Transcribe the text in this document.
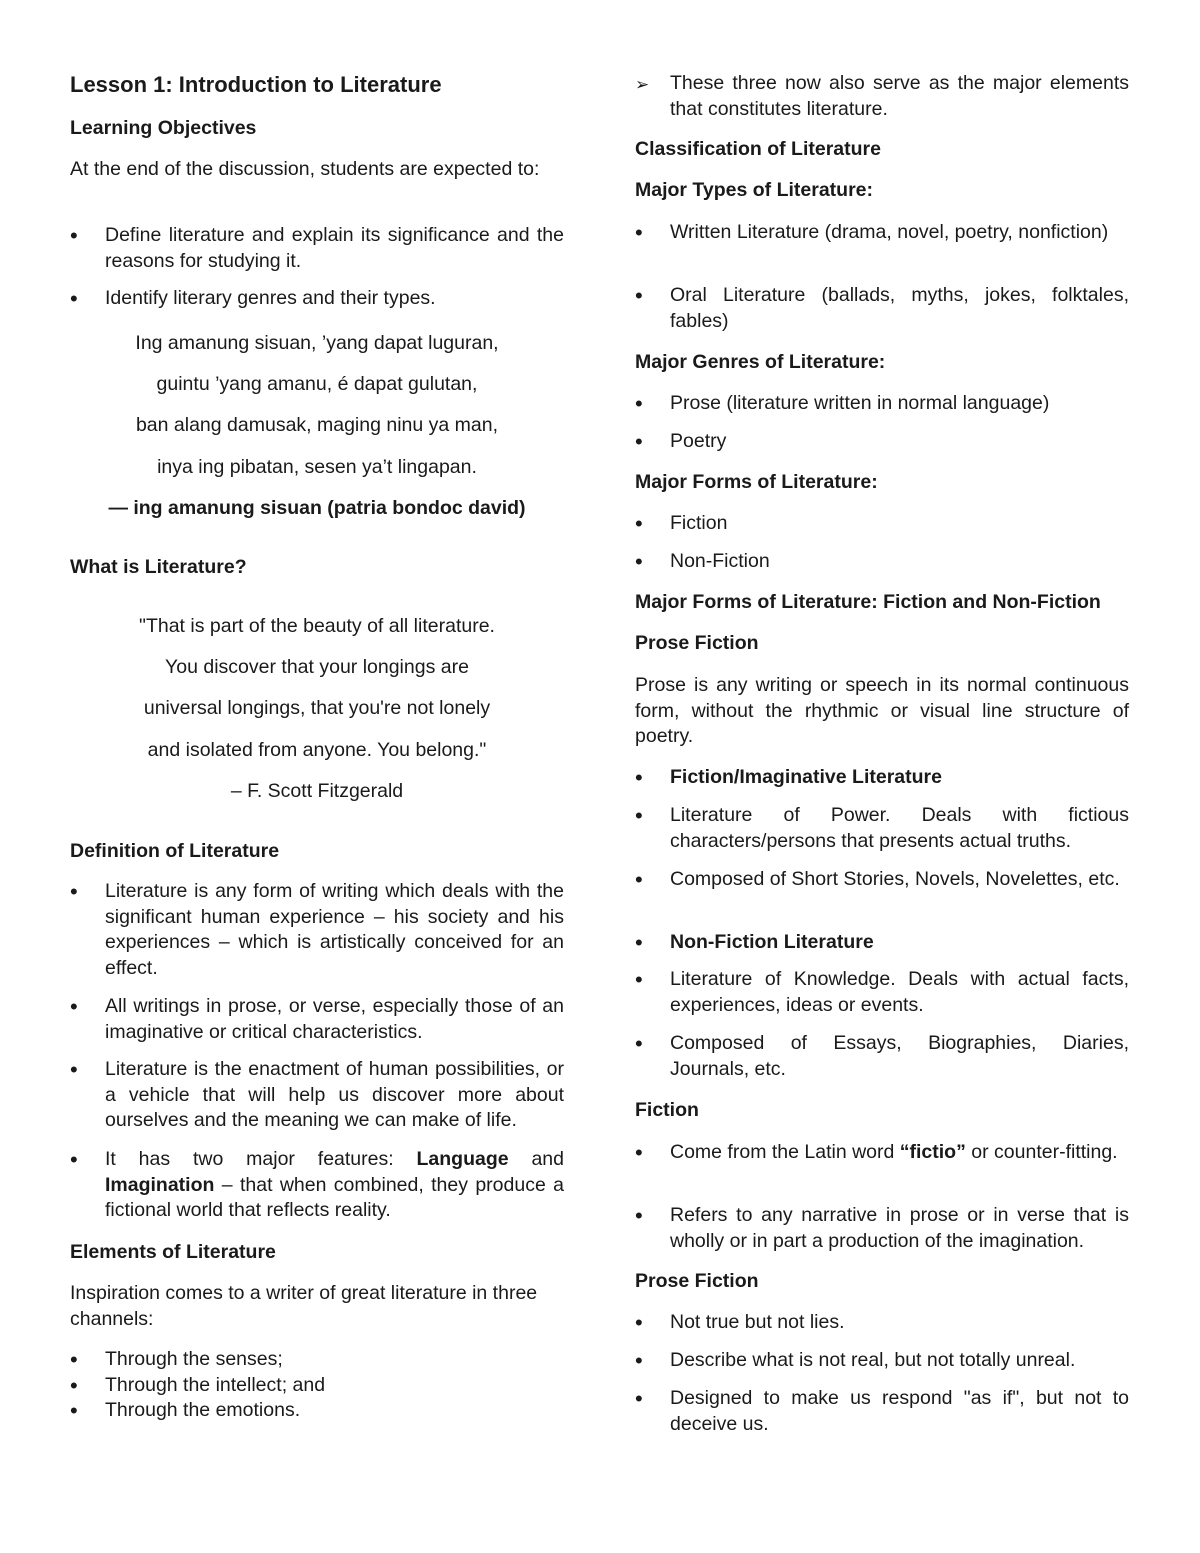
Lesson 1: Introduction to Literature
Learning Objectives
At the end of the discussion, students are expected to:
•
Define literature and explain its significance and the reasons for studying it.
•
Identify literary genres and their types.
Ing amanung sisuan, ’yang dapat luguran,
guintu ’yang amanu, é dapat gulutan,
ban alang damusak, maging ninu ya man,
inya ing pibatan, sesen ya’t lingapan.
— ing amanung sisuan (patria bondoc david)
What is Literature?
"That is part of the beauty of all literature.
You discover that your longings are
universal longings, that you're not lonely
and isolated from anyone. You belong."
– F. Scott Fitzgerald
Definition of Literature
•
Literature is any form of writing which deals with the significant human experience – his society and his experiences – which is artistically conceived for an effect.
•
All writings in prose, or verse, especially those of an imaginative or critical characteristics.
•
Literature is the enactment of human possibilities, or a vehicle that will help us discover more about ourselves and the meaning we can make of life.
•
It has two major features: Language and Imagination – that when combined, they produce a fictional world that reflects reality.
Elements of Literature
Inspiration comes to a writer of great literature in three channels:
•
Through the senses;
•
Through the intellect; and
•
Through the emotions.
➢
These three now also serve as the major elements that constitutes literature.
Classification of Literature
Major Types of Literature:
•
Written Literature (drama, novel, poetry, nonfiction)
•
Oral Literature (ballads, myths, jokes, folktales, fables)
Major Genres of Literature:
•
Prose (literature written in normal language)
•
Poetry
Major Forms of Literature:
•
Fiction
•
Non-Fiction
Major Forms of Literature: Fiction and Non-Fiction
Prose Fiction
Prose is any writing or speech in its normal continuous form, without the rhythmic or visual line structure of poetry.
•
Fiction/Imaginative Literature
•
Literature of Power. Deals with fictious characters/persons that presents actual truths.
•
Composed of Short Stories, Novels, Novelettes, etc.
•
Non-Fiction Literature
•
Literature of Knowledge. Deals with actual facts, experiences, ideas or events.
•
Composed of Essays, Biographies, Diaries, Journals, etc.
Fiction
•
Come from the Latin word “fictio” or counter-fitting.
•
Refers to any narrative in prose or in verse that is wholly or in part a production of the imagination.
Prose Fiction
•
Not true but not lies.
•
Describe what is not real, but not totally unreal.
•
Designed to make us respond "as if", but not to deceive us.
